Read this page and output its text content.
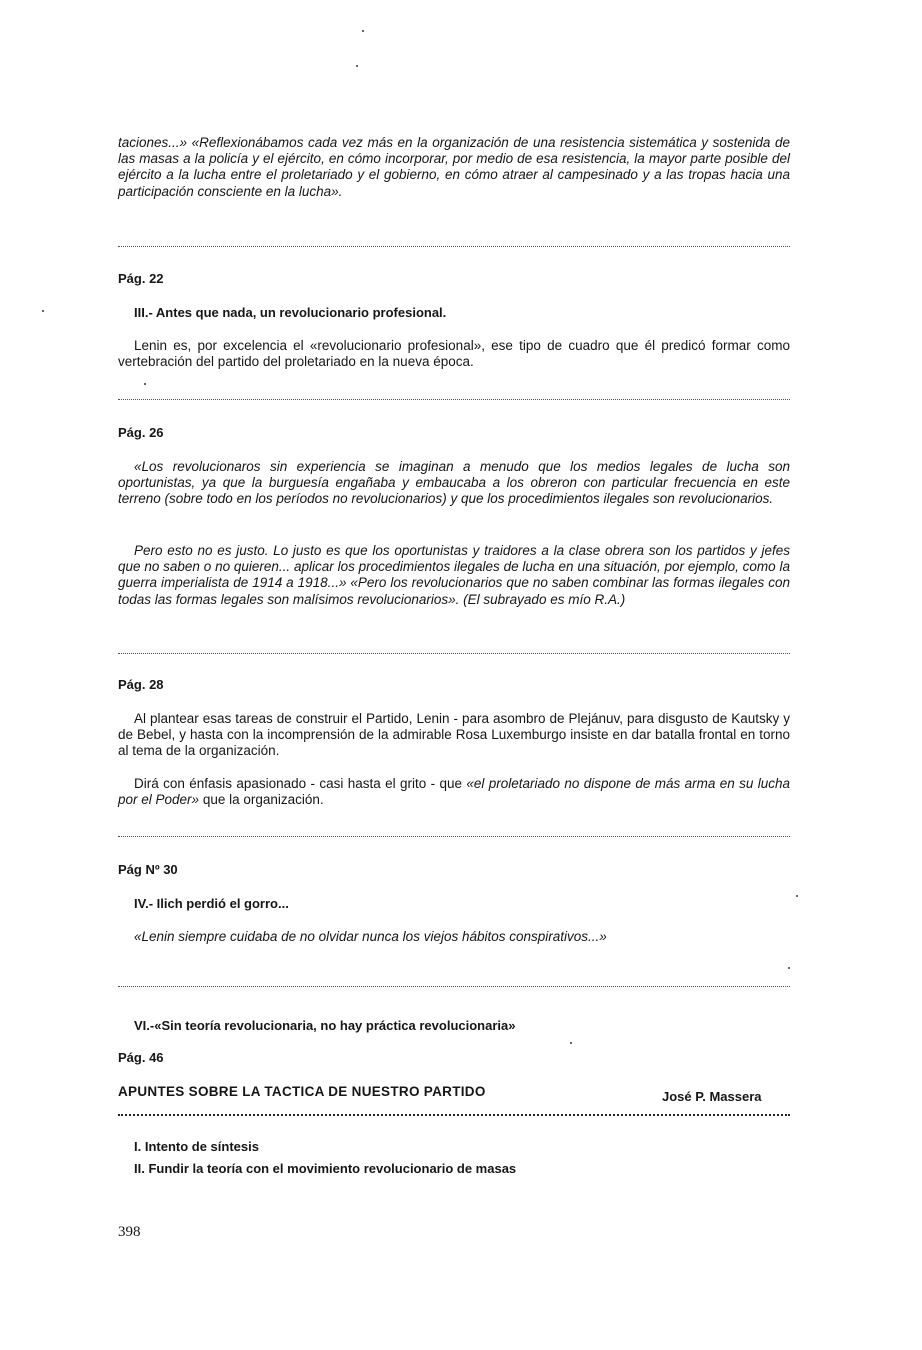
taciones...» «Reflexionábamos cada vez más en la organización de una resistencia sistemática y sostenida de las masas a la policía y el ejército, en cómo incorporar, por medio de esa resistencia, la mayor parte posible del ejército a la lucha entre el proletariado y el gobierno, en cómo atraer al campesinado y a las tropas hacia una participación consciente en la lucha».

Pág. 22
III.- Antes que nada, un revolucionario profesional.

Lenin es, por excelencia el «revolucionario profesional», ese tipo de cuadro que él predicó formar como vertebración del partido del proletariado en la nueva época.

Pág. 26

«Los revolucionaros sin experiencia se imaginan a menudo que los medios legales de lucha son oportunistas, ya que la burguesía engañaba y embaucaba a los obreron con particular frecuencia en este terreno (sobre todo en los períodos no revolucionarios) y que los procedimientos ilegales son revolucionarios.

Pero esto no es justo. Lo justo es que los oportunistas y traidores a la clase obrera son los partidos y jefes que no saben o no quieren... aplicar los procedimientos ilegales de lucha en una situación, por ejemplo, como la guerra imperialista de 1914 a 1918...» «Pero los revolucionarios que no saben combinar las formas ilegales con todas las formas legales son malísimos revolucionarios». (El subrayado es mío R.A.)

Pág. 28

Al plantear esas tareas de construir el Partido, Lenin - para asombro de Plejánuv, para disgusto de Kautsky y de Bebel, y hasta con la incomprensión de la admirable Rosa Luxemburgo insiste en dar batalla frontal en torno al tema de la organización.

Dirá con énfasis apasionado - casi hasta el grito - que «el proletariado no dispone de más arma en su lucha por el Poder» que la organización.

Pág Nº 30
IV.- Ilich perdió el gorro...

«Lenin siempre cuidaba de no olvidar nunca los viejos hábitos conspirativos...»

VI.-«Sin teoría revolucionaria, no hay práctica revolucionaria»
Pág. 46
APUNTES SOBRE LA TACTICA DE NUESTRO PARTIDO	José P. Massera
I. Intento de síntesis
II. Fundir la teoría con el movimiento revolucionario de masas
398
